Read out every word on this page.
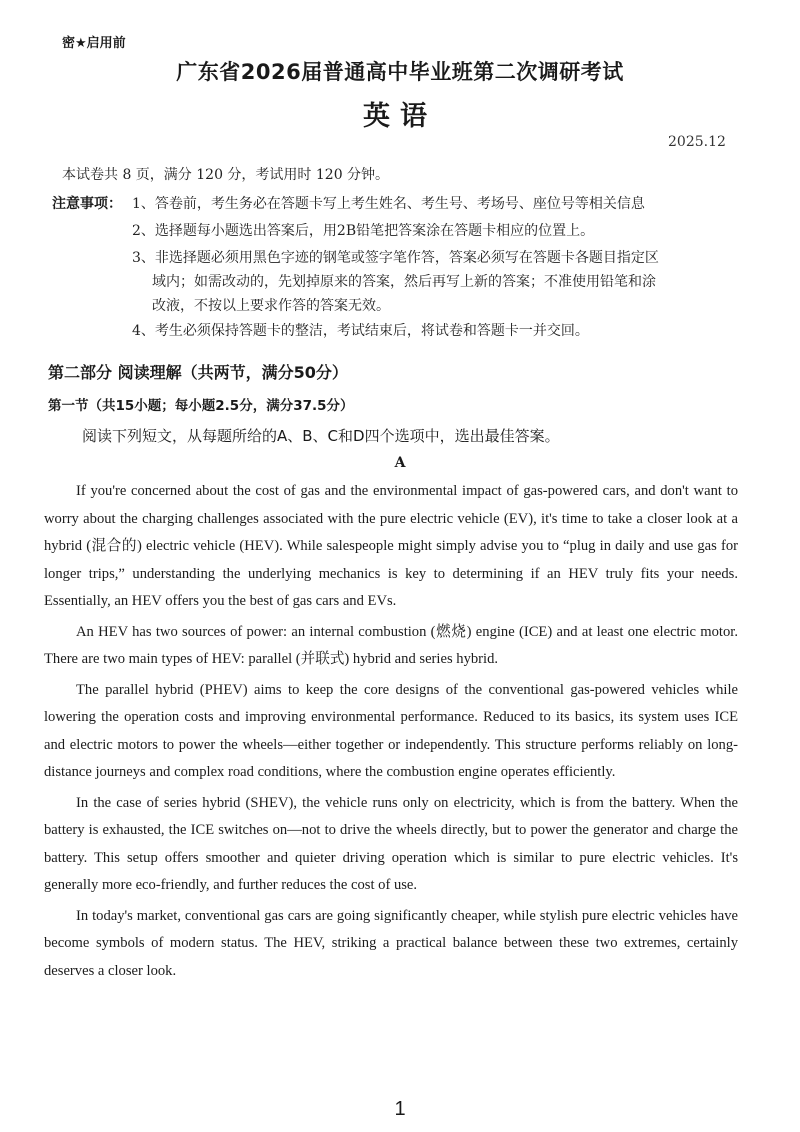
密★启用前
广东省2026届普通高中毕业班第二次调研考试
英语
2025.12
本试卷共 8 页，满分 120 分，考试用时 120 分钟。
注意事项： 1、答卷前，考生务必在答题卡写上考生姓名、考生号、考场号、座位号等相关信息
2、选择题每小题选出答案后，用2B铅笔把答案涂在答题卡相应的位置上。
3、非选择题必须用黑色字迹的钢笔或签字笔作答，答案必须写在答题卡各题目指定区
域内；如需改动的，先划掉原来的答案，然后再写上新的答案；不准使用铅笔和涂
改液，不按以上要求作答的答案无效。
4、考生必须保持答题卡的整洁，考试结束后，将试卷和答题卡一并交回。
第二部分 阅读理解（共两节，满分50分）
第一节（共15小题；每小题2.5分，满分37.5分）
阅读下列短文，从每题所给的A、B、C和D四个选项中，选出最佳答案。
A

If you're concerned about the cost of gas and the environmental impact of gas-powered cars, and don't want to worry about the charging challenges associated with the pure electric vehicle (EV), it's time to take a closer look at a hybrid (混合的) electric vehicle (HEV). While salespeople might simply advise you to “plug in daily and use gas for longer trips,” understanding the underlying mechanics is key to determining if an HEV truly fits your needs. Essentially, an HEV offers you the best of gas cars and EVs.

An HEV has two sources of power: an internal combustion (燃烧) engine (ICE) and at least one electric motor. There are two main types of HEV: parallel (并联式) hybrid and series hybrid.

The parallel hybrid (PHEV) aims to keep the core designs of the conventional gas-powered vehicles while lowering the operation costs and improving environmental performance. Reduced to its basics, its system uses ICE and electric motors to power the wheels—either together or independently. This structure performs reliably on long-distance journeys and complex road conditions, where the combustion engine operates efficiently.

In the case of series hybrid (SHEV), the vehicle runs only on electricity, which is from the battery. When the battery is exhausted, the ICE switches on—not to drive the wheels directly, but to power the generator and charge the battery. This setup offers smoother and quieter driving operation which is similar to pure electric vehicles. It's generally more eco-friendly, and further reduces the cost of use.

In today's market, conventional gas cars are going significantly cheaper, while stylish pure electric vehicles have become symbols of modern status. The HEV, striking a practical balance between these two extremes, certainly deserves a closer look.

1
